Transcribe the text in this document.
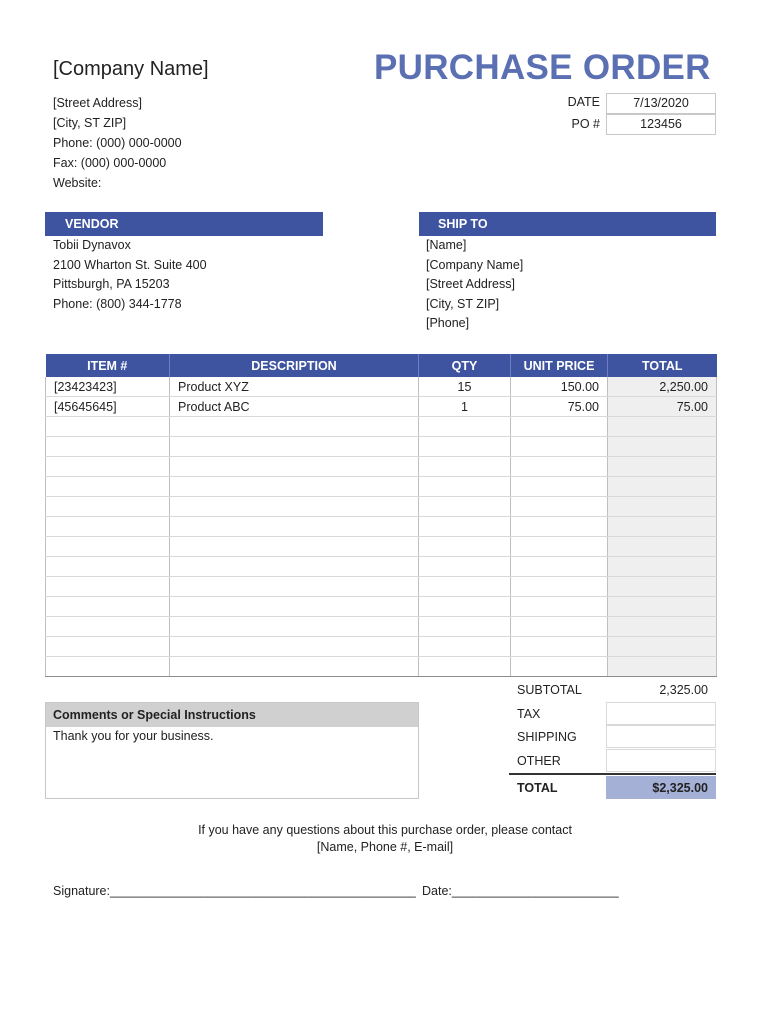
[Company Name]	PURCHASE ORDER
[Street Address]
[City, ST ZIP]
Phone: (000) 000-0000
Fax: (000) 000-0000
Website:
DATE	7/13/2020
PO #	123456
VENDOR
Tobii Dynavox
2100 Wharton St. Suite 400
Pittsburgh, PA 15203
Phone: (800) 344-1778
SHIP TO
[Name]
[Company Name]
[Street Address]
[City, ST ZIP]
[Phone]
ITEM #	DESCRIPTION	QTY	UNIT PRICE	TOTAL
[23423423]	Product XYZ	15	150.00	2,250.00
[45645645]	Product ABC	1	75.00	75.00

SUBTOTAL	2,325.00
TAX
SHIPPING
OTHER
TOTAL	$2,325.00
Comments or Special Instructions
Thank you for your business.
If you have any questions about this purchase order, please contact
[Name, Phone #, E-mail]
Signature:____________________________________________ Date:________________________
